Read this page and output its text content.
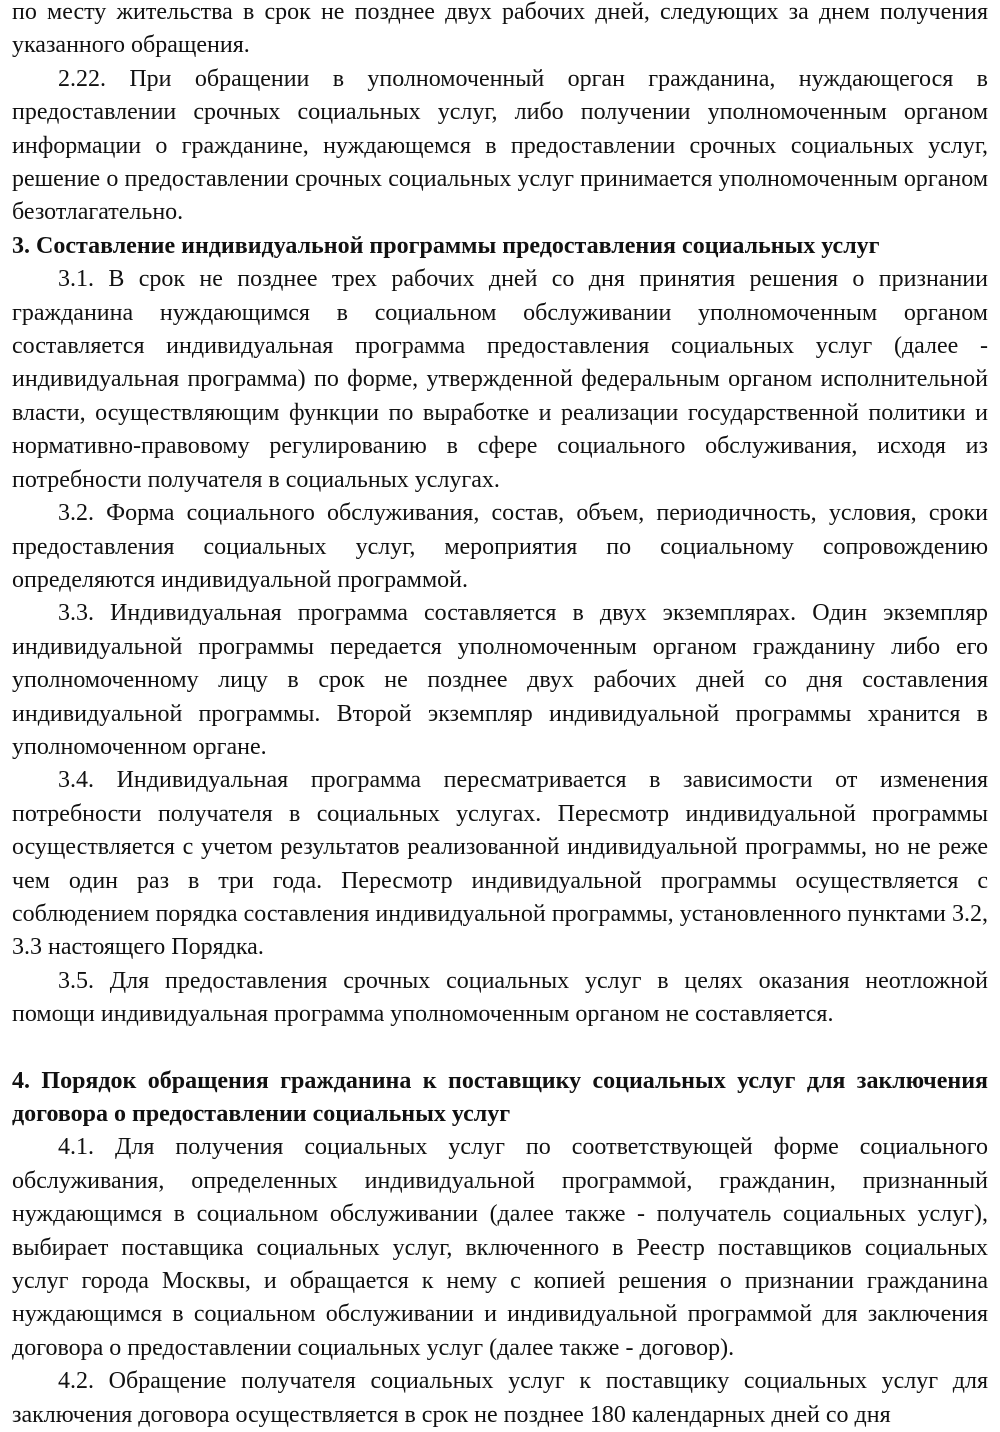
по месту жительства в срок не позднее двух рабочих дней, следующих за днем получения указанного обращения.

2.22. При обращении в уполномоченный орган гражданина, нуждающегося в предоставлении срочных социальных услуг, либо получении уполномоченным органом информации о гражданине, нуждающемся в предоставлении срочных социальных услуг, решение о предоставлении срочных социальных услуг принимается уполномоченным органом безотлагательно.

3. Составление индивидуальной программы предоставления социальных услуг

3.1. В срок не позднее трех рабочих дней со дня принятия решения о признании гражданина нуждающимся в социальном обслуживании уполномоченным органом составляется индивидуальная программа предоставления социальных услуг (далее - индивидуальная программа) по форме, утвержденной федеральным органом исполнительной власти, осуществляющим функции по выработке и реализации государственной политики и нормативно-правовому регулированию в сфере социального обслуживания, исходя из потребности получателя в социальных услугах.

3.2. Форма социального обслуживания, состав, объем, периодичность, условия, сроки предоставления социальных услуг, мероприятия по социальному сопровождению определяются индивидуальной программой.

3.3. Индивидуальная программа составляется в двух экземплярах. Один экземпляр индивидуальной программы передается уполномоченным органом гражданину либо его уполномоченному лицу в срок не позднее двух рабочих дней со дня составления индивидуальной программы. Второй экземпляр индивидуальной программы хранится в уполномоченном органе.

3.4. Индивидуальная программа пересматривается в зависимости от изменения потребности получателя в социальных услугах. Пересмотр индивидуальной программы осуществляется с учетом результатов реализованной индивидуальной программы, но не реже чем один раз в три года. Пересмотр индивидуальной программы осуществляется с соблюдением порядка составления индивидуальной программы, установленного пунктами 3.2, 3.3 настоящего Порядка.

3.5. Для предоставления срочных социальных услуг в целях оказания неотложной помощи индивидуальная программа уполномоченным органом не составляется.

4. Порядок обращения гражданина к поставщику социальных услуг для заключения договора о предоставлении социальных услуг

4.1. Для получения социальных услуг по соответствующей форме социального обслуживания, определенных индивидуальной программой, гражданин, признанный нуждающимся в социальном обслуживании (далее также - получатель социальных услуг), выбирает поставщика социальных услуг, включенного в Реестр поставщиков социальных услуг города Москвы, и обращается к нему с копией решения о признании гражданина нуждающимся в социальном обслуживании и индивидуальной программой для заключения договора о предоставлении социальных услуг (далее также - договор).

4.2. Обращение получателя социальных услуг к поставщику социальных услуг для заключения договора осуществляется в срок не позднее 180 календарных дней со дня
